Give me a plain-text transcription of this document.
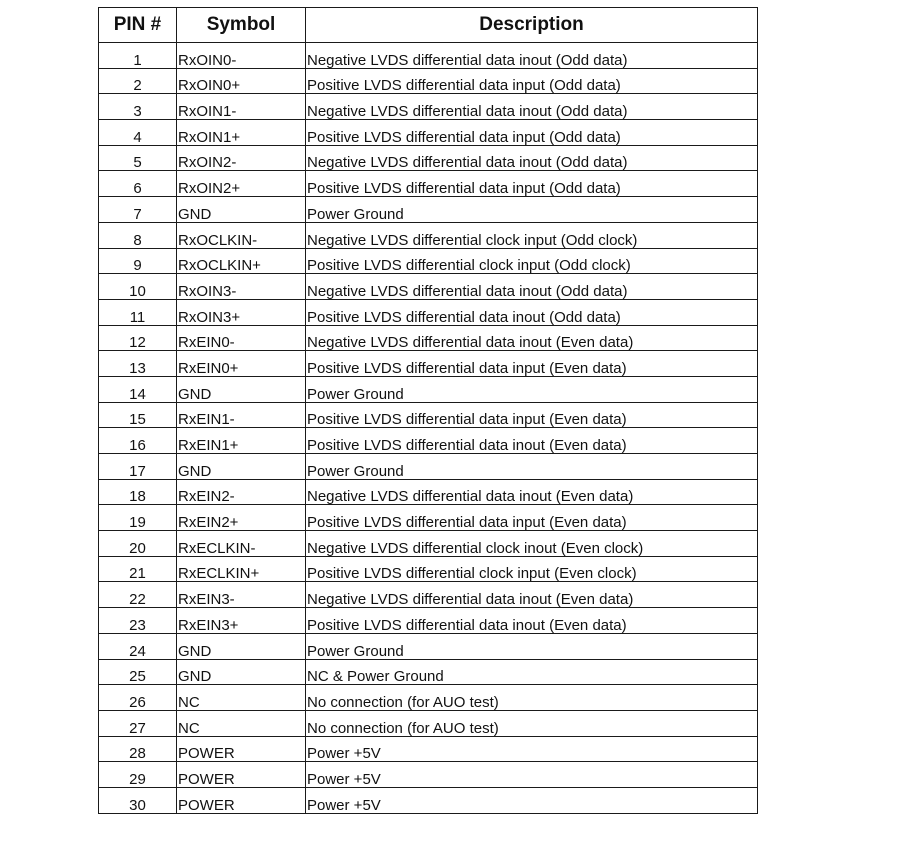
PIN #	Symbol	Description
1	RxOIN0-	Negative LVDS differential data inout (Odd data)
2	RxOIN0+	Positive LVDS differential data input (Odd data)
3	RxOIN1-	Negative LVDS differential data inout (Odd data)
4	RxOIN1+	Positive LVDS differential data input (Odd data)
5	RxOIN2-	Negative LVDS differential data inout (Odd data)
6	RxOIN2+	Positive LVDS differential data input (Odd data)
7	GND	Power Ground
8	RxOCLKIN-	Negative LVDS differential clock input (Odd clock)
9	RxOCLKIN+	Positive LVDS differential clock input (Odd clock)
10	RxOIN3-	Negative LVDS differential data inout (Odd data)
11	RxOIN3+	Positive LVDS differential data inout (Odd data)
12	RxEIN0-	Negative LVDS differential data inout (Even data)
13	RxEIN0+	Positive LVDS differential data input (Even data)
14	GND	Power Ground
15	RxEIN1-	Positive LVDS differential data input (Even data)
16	RxEIN1+	Positive LVDS differential data inout (Even data)
17	GND	Power Ground
18	RxEIN2-	Negative LVDS differential data inout (Even data)
19	RxEIN2+	Positive LVDS differential data input (Even data)
20	RxECLKIN-	Negative LVDS differential clock inout (Even clock)
21	RxECLKIN+	Positive LVDS differential clock input (Even clock)
22	RxEIN3-	Negative LVDS differential data inout (Even data)
23	RxEIN3+	Positive LVDS differential data inout (Even data)
24	GND	Power Ground
25	GND	NC & Power Ground
26	NC	No connection (for AUO test)
27	NC	No connection (for AUO test)
28	POWER	Power +5V
29	POWER	Power +5V
30	POWER	Power +5V
